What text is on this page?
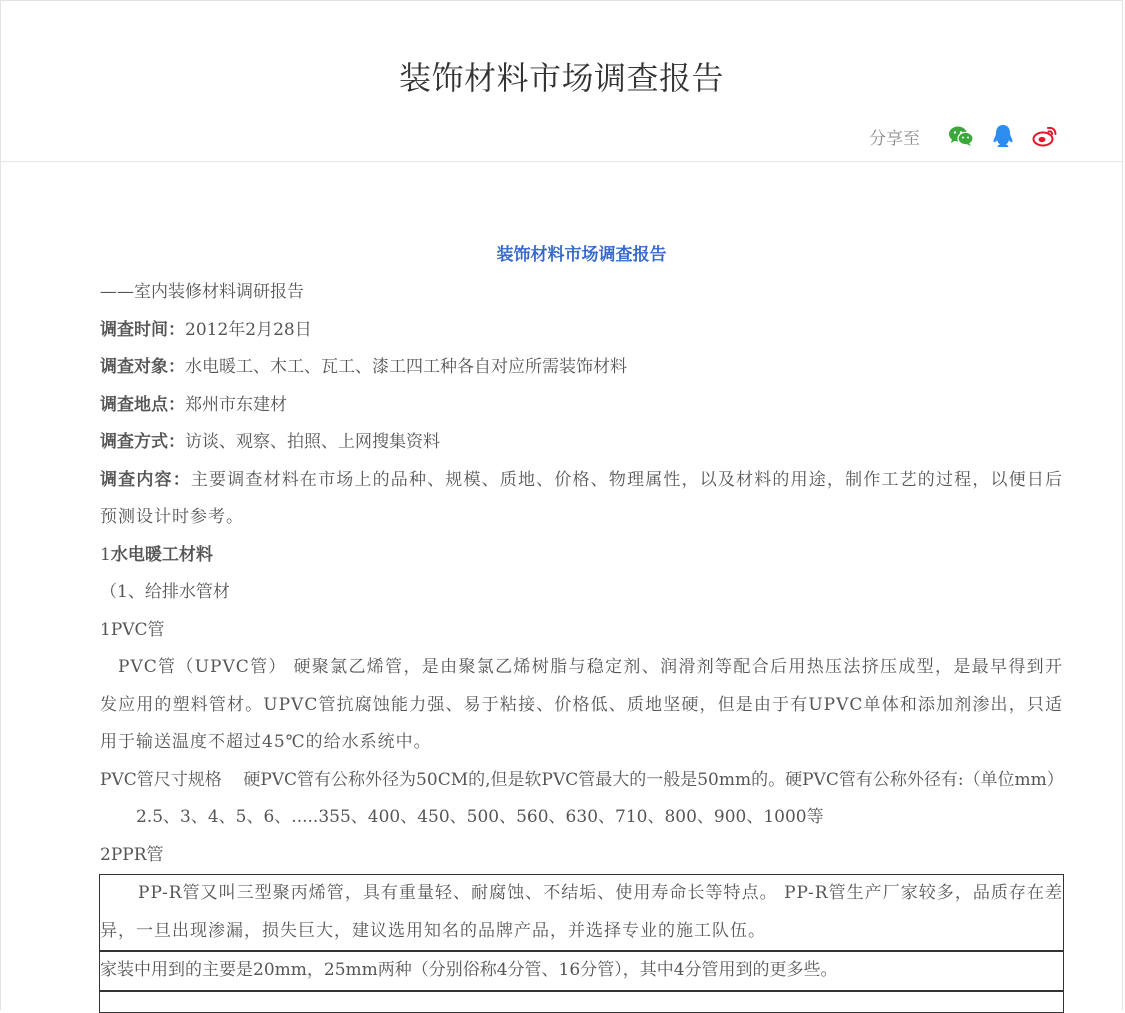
装饰材料市场调查报告
分享至

装饰材料市场调查报告

——室内装修材料调研报告

调查时间：2012年2月28日

调查对象：水电暖工、木工、瓦工、漆工四工种各自对应所需装饰材料

调查地点：郑州市东建材

调查方式：访谈、观察、拍照、上网搜集资料

调查内容：主要调查材料在市场上的品种、规模、质地、价格、物理属性，以及材料的用途，制作工艺的过程，以便日后预测设计时参考。

1水电暖工材料

（1、给排水管材

1PVC管

PVC管（UPVC管） 硬聚氯乙烯管，是由聚氯乙烯树脂与稳定剂、润滑剂等配合后用热压法挤压成型，是最早得到开发应用的塑料管材。UPVC管抗腐蚀能力强、易于粘接、价格低、质地坚硬，但是由于有UPVC单体和添加剂渗出，只适用于输送温度不超过45℃的给水系统中。

PVC管尺寸规格    硬PVC管有公称外径为50CM的,但是软PVC管最大的一般是50mm的。硬PVC管有公称外径有:（单位mm）

2.5、3、4、5、6、.....355、400、450、500、560、630、710、800、900、1000等

2PPR管

PP-R管又叫三型聚丙烯管，具有重量轻、耐腐蚀、不结垢、使用寿命长等特点。 PP-R管生产厂家较多，品质存在差异，一旦出现渗漏，损失巨大，建议选用知名的品牌产品，并选择专业的施工队伍。

家装中用到的主要是20mm，25mm两种（分别俗称4分管、16分管），其中4分管用到的更多些。
